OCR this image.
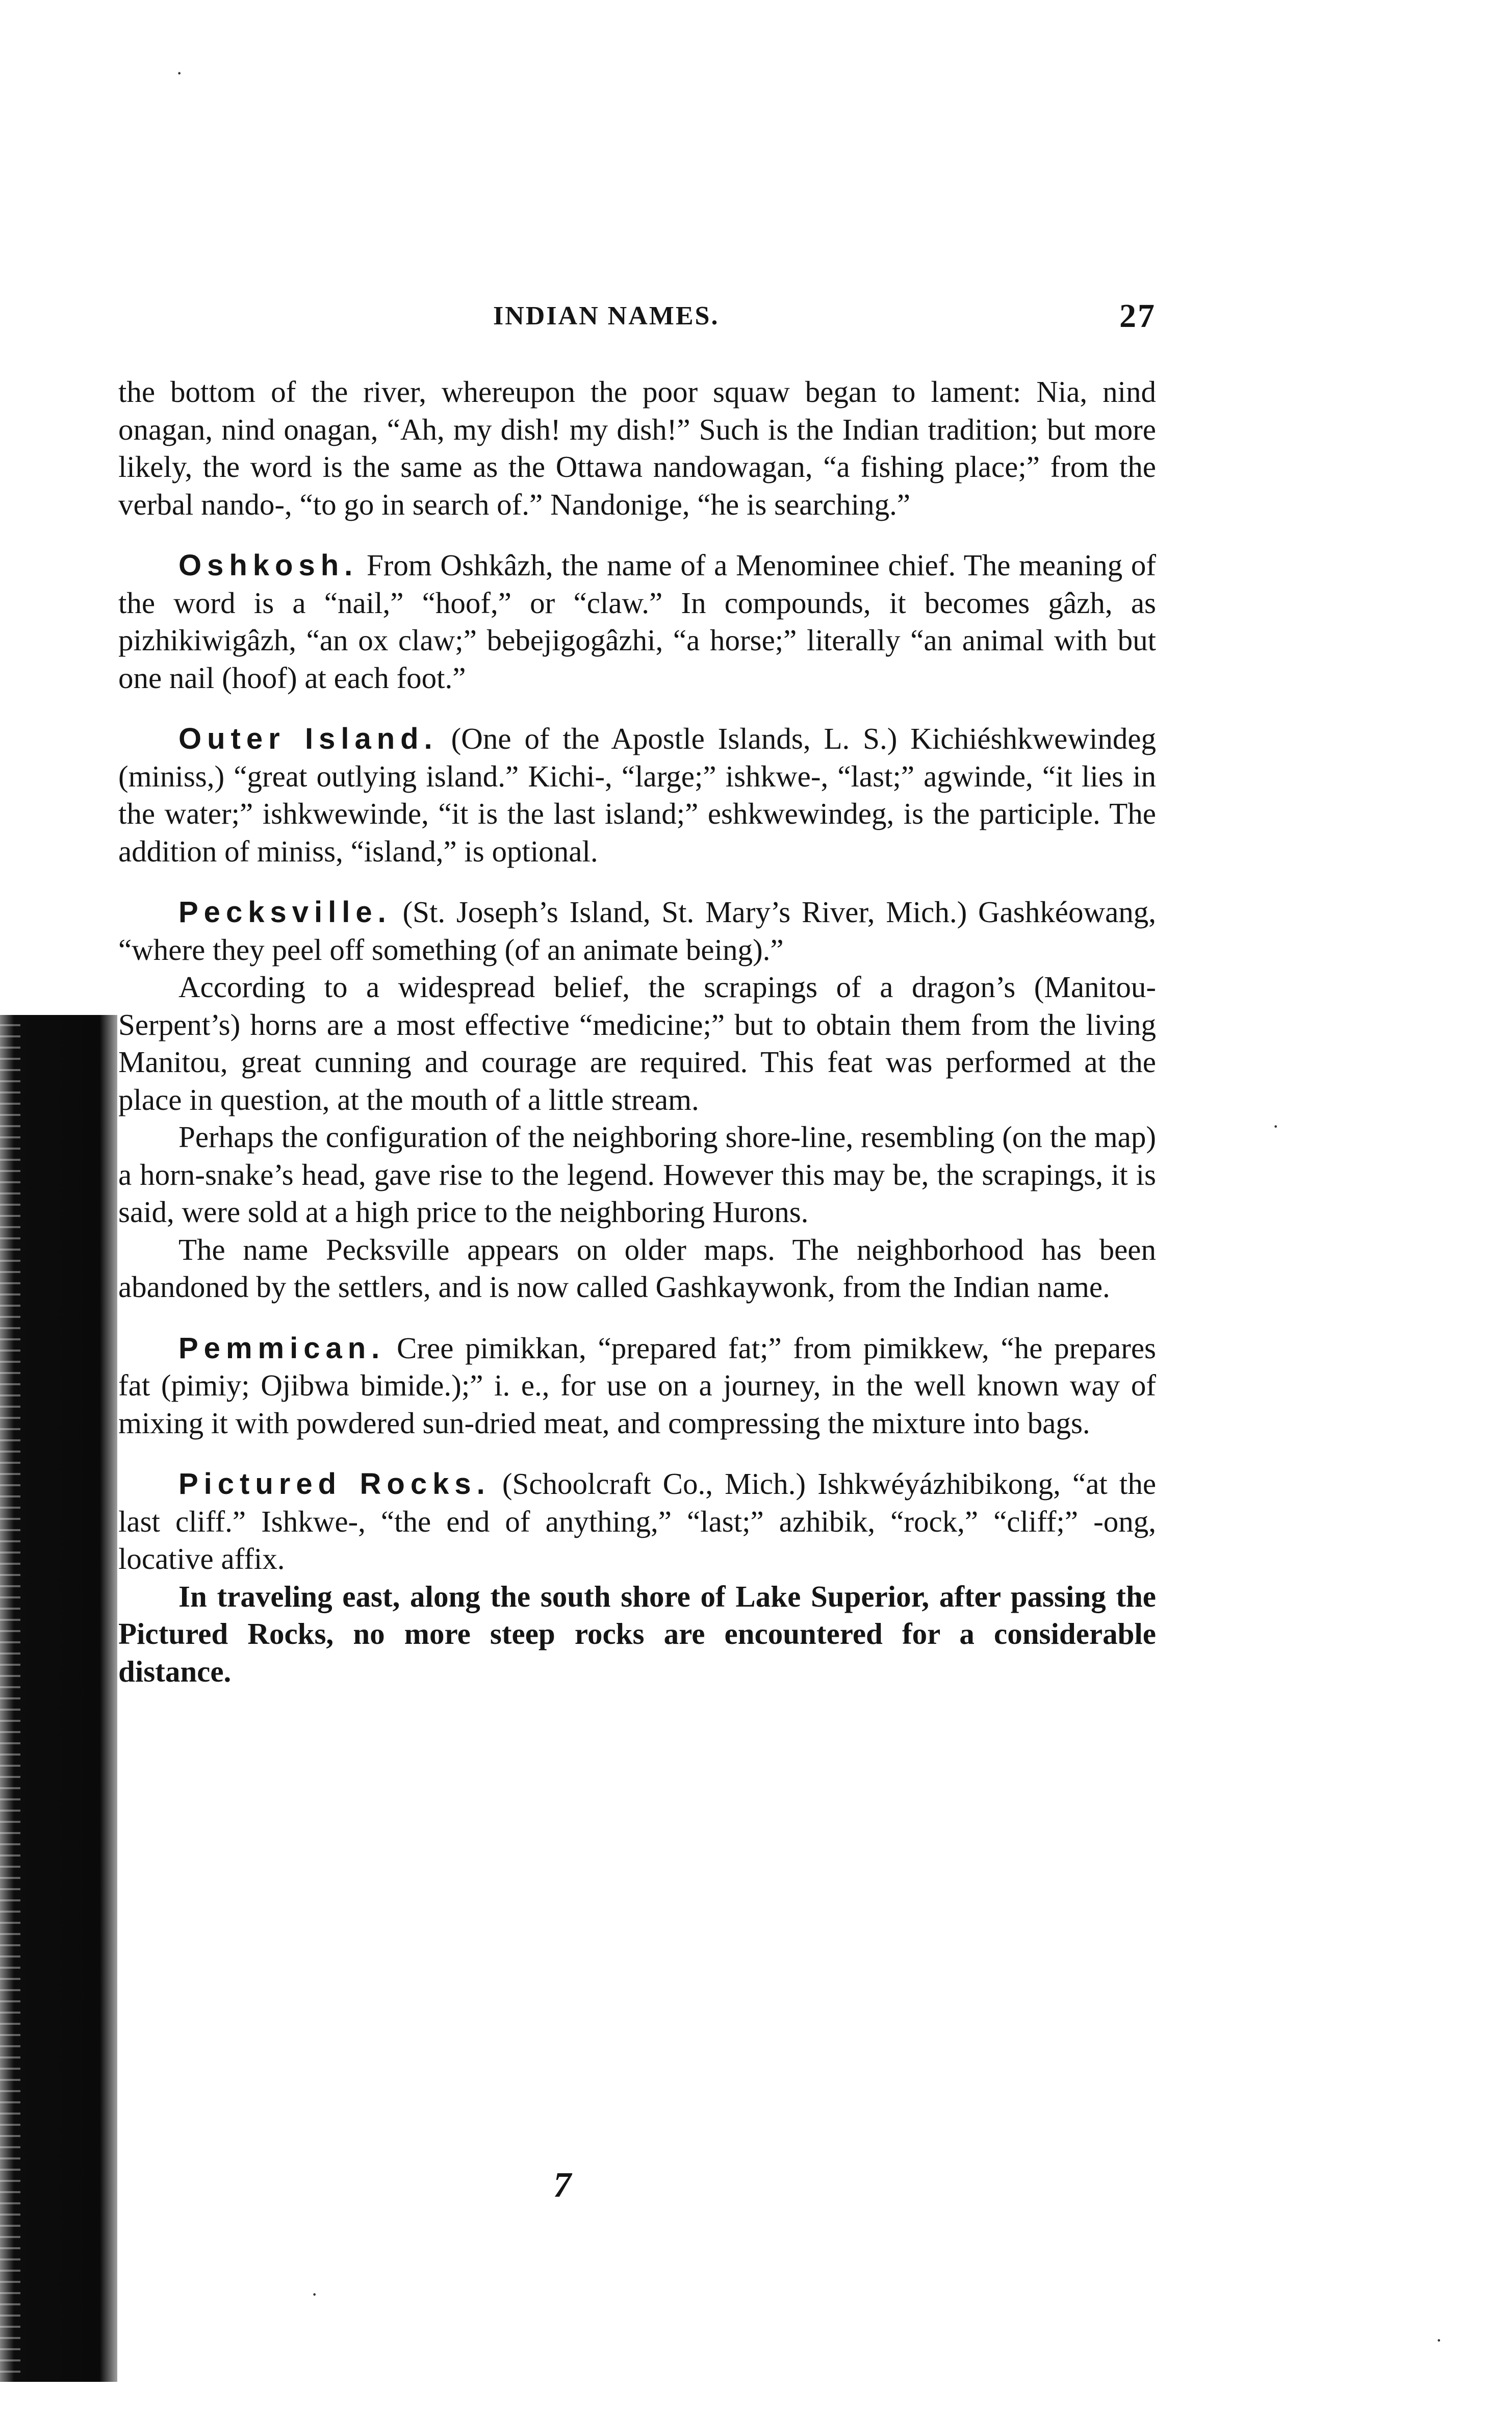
·
·
·
·
INDIAN NAMES.	27

the bottom of the river, whereupon the poor squaw began to lament: Nia, nind onagan, nind onagan, “Ah, my dish! my dish!” Such is the Indian tradition; but more likely, the word is the same as the Ottawa nandowagan, “a fishing place;” from the verbal nando-, “to go in search of.” Nandonige, “he is searching.”

Oshkosh. From Oshkâzh, the name of a Menominee chief. The meaning of the word is a “nail,” “hoof,” or “claw.” In compounds, it becomes gâzh, as pizhikiwigâzh, “an ox claw;” bebejigogâzhi, “a horse;” literally “an animal with but one nail (hoof) at each foot.”

Outer Island. (One of the Apostle Islands, L. S.) Kichiéshkwewindeg (miniss,) “great outlying island.” Kichi-, “large;” ishkwe-, “last;” agwinde, “it lies in the water;” ishkwewinde, “it is the last island;” eshkwewindeg, is the participle. The addition of miniss, “island,” is optional.

Pecksville. (St. Joseph’s Island, St. Mary’s River, Mich.) Gashkéowang, “where they peel off something (of an animate being).”

According to a widespread belief, the scrapings of a dragon’s (Manitou-Serpent’s) horns are a most effective “medicine;” but to obtain them from the living Manitou, great cunning and courage are required. This feat was performed at the place in question, at the mouth of a little stream.

Perhaps the configuration of the neighboring shore-line, resembling (on the map) a horn-snake’s head, gave rise to the legend. However this may be, the scrapings, it is said, were sold at a high price to the neighboring Hurons.

The name Pecksville appears on older maps. The neighborhood has been abandoned by the settlers, and is now called Gashkaywonk, from the Indian name.

Pemmican. Cree pimikkan, “prepared fat;” from pimikkew, “he prepares fat (pimiy; Ojibwa bimide.);” i. e., for use on a journey, in the well known way of mixing it with powdered sun-dried meat, and compressing the mixture into bags.

Pictured Rocks. (Schoolcraft Co., Mich.) Ishkwéyázhibikong, “at the last cliff.” Ishkwe-, “the end of anything,” “last;” azhibik, “rock,” “cliff;” -ong, locative affix.

In traveling east, along the south shore of Lake Superior, after passing the Pictured Rocks, no more steep rocks are encountered for a considerable distance.

7
